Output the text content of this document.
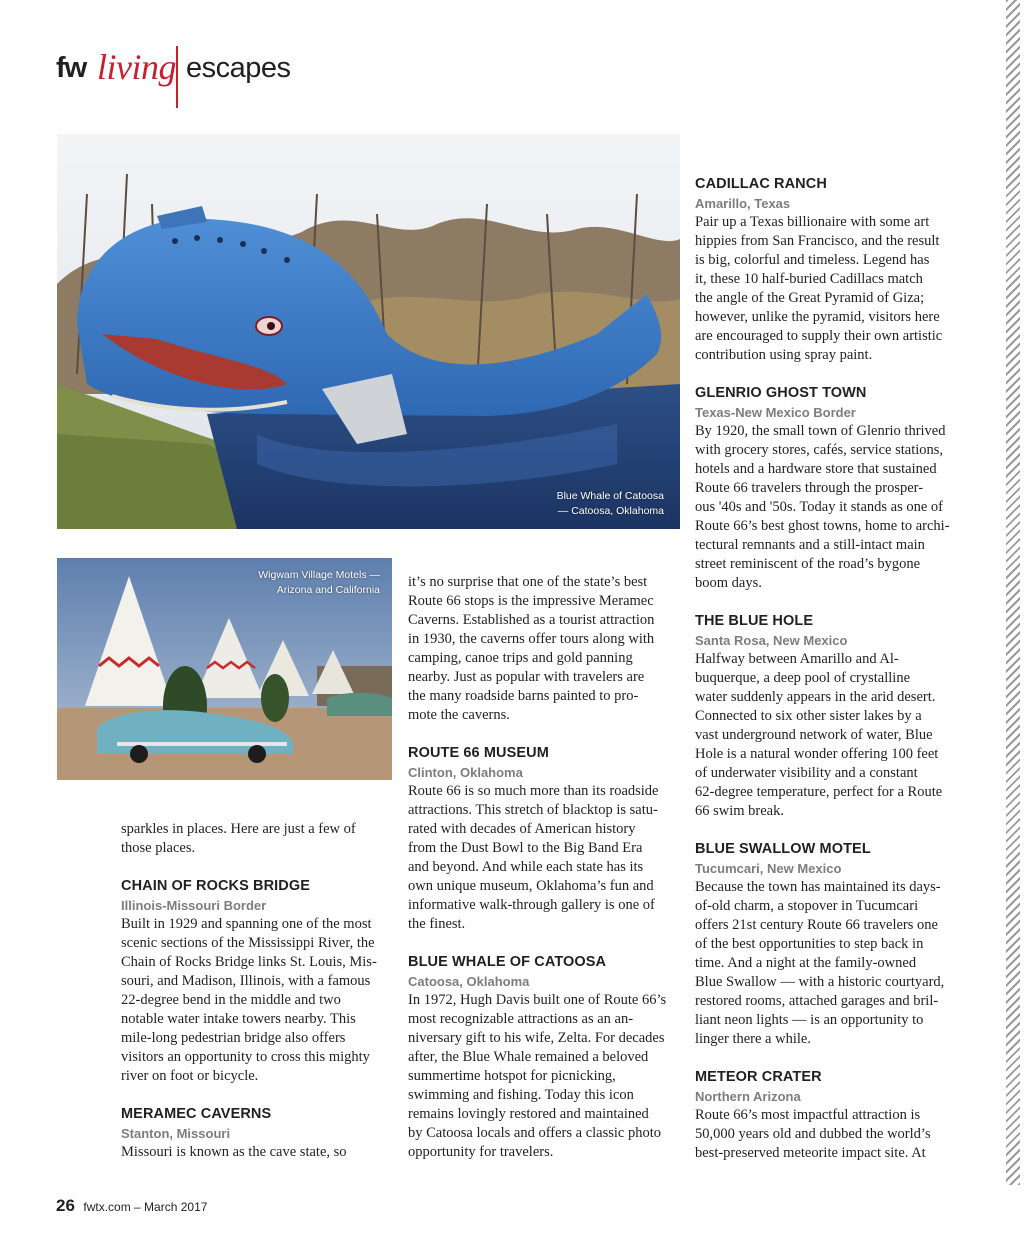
fw living escapes
Blue Whale of Catoosa
— Catoosa, Oklahoma
Wigwam Village Motels —
Arizona and California

sparkles in places. Here are just a few of

those places.

CHAIN OF ROCKS BRIDGE
Illinois-Missouri Border

Built in 1929 and spanning one of the most

scenic sections of the Mississippi River, the

Chain of Rocks Bridge links St. Louis, Mis-

souri, and Madison, Illinois, with a famous

22-degree bend in the middle and two

notable water intake towers nearby. This

mile-long pedestrian bridge also offers

visitors an opportunity to cross this mighty

river on foot or bicycle.

MERAMEC CAVERNS
Stanton, Missouri

Missouri is known as the cave state, so

it’s no surprise that one of the state’s best

Route 66 stops is the impressive Meramec

Caverns. Established as a tourist attraction

in 1930, the caverns offer tours along with

camping, canoe trips and gold panning

nearby. Just as popular with travelers are

the many roadside barns painted to pro-

mote the caverns.

ROUTE 66 MUSEUM
Clinton, Oklahoma

Route 66 is so much more than its roadside

attractions. This stretch of blacktop is satu-

rated with decades of American history

from the Dust Bowl to the Big Band Era

and beyond. And while each state has its

own unique museum, Oklahoma’s fun and

informative walk-through gallery is one of

the finest.

BLUE WHALE OF CATOOSA
Catoosa, Oklahoma

In 1972, Hugh Davis built one of Route 66’s

most recognizable attractions as an an-

niversary gift to his wife, Zelta. For decades

after, the Blue Whale remained a beloved

summertime hotspot for picnicking,

swimming and fishing. Today this icon

remains lovingly restored and maintained

by Catoosa locals and offers a classic photo

opportunity for travelers.

CADILLAC RANCH
Amarillo, Texas

Pair up a Texas billionaire with some art

hippies from San Francisco, and the result

is big, colorful and timeless. Legend has

it, these 10 half-buried Cadillacs match

the angle of the Great Pyramid of Giza;

however, unlike the pyramid, visitors here

are encouraged to supply their own artistic

contribution using spray paint.

GLENRIO GHOST TOWN
Texas-New Mexico Border

By 1920, the small town of Glenrio thrived

with grocery stores, cafés, service stations,

hotels and a hardware store that sustained

Route 66 travelers through the prosper-

ous '40s and '50s. Today it stands as one of

Route 66’s best ghost towns, home to archi-

tectural remnants and a still-intact main

street reminiscent of the road’s bygone

boom days.

THE BLUE HOLE
Santa Rosa, New Mexico

Halfway between Amarillo and Al-

buquerque, a deep pool of crystalline

water suddenly appears in the arid desert.

Connected to six other sister lakes by a

vast underground network of water, Blue

Hole is a natural wonder offering 100 feet

of underwater visibility and a constant

62-degree temperature, perfect for a Route

66 swim break.

BLUE SWALLOW MOTEL
Tucumcari, New Mexico

Because the town has maintained its days-

of-old charm, a stopover in Tucumcari

offers 21st century Route 66 travelers one

of the best opportunities to step back in

time. And a night at the family-owned

Blue Swallow — with a historic courtyard,

restored rooms, attached garages and bril-

liant neon lights — is an opportunity to

linger there a while.

METEOR CRATER
Northern Arizona

Route 66’s most impactful attraction is

50,000 years old and dubbed the world’s

best-preserved meteorite impact site. At

26 fwtx.com – March 2017
